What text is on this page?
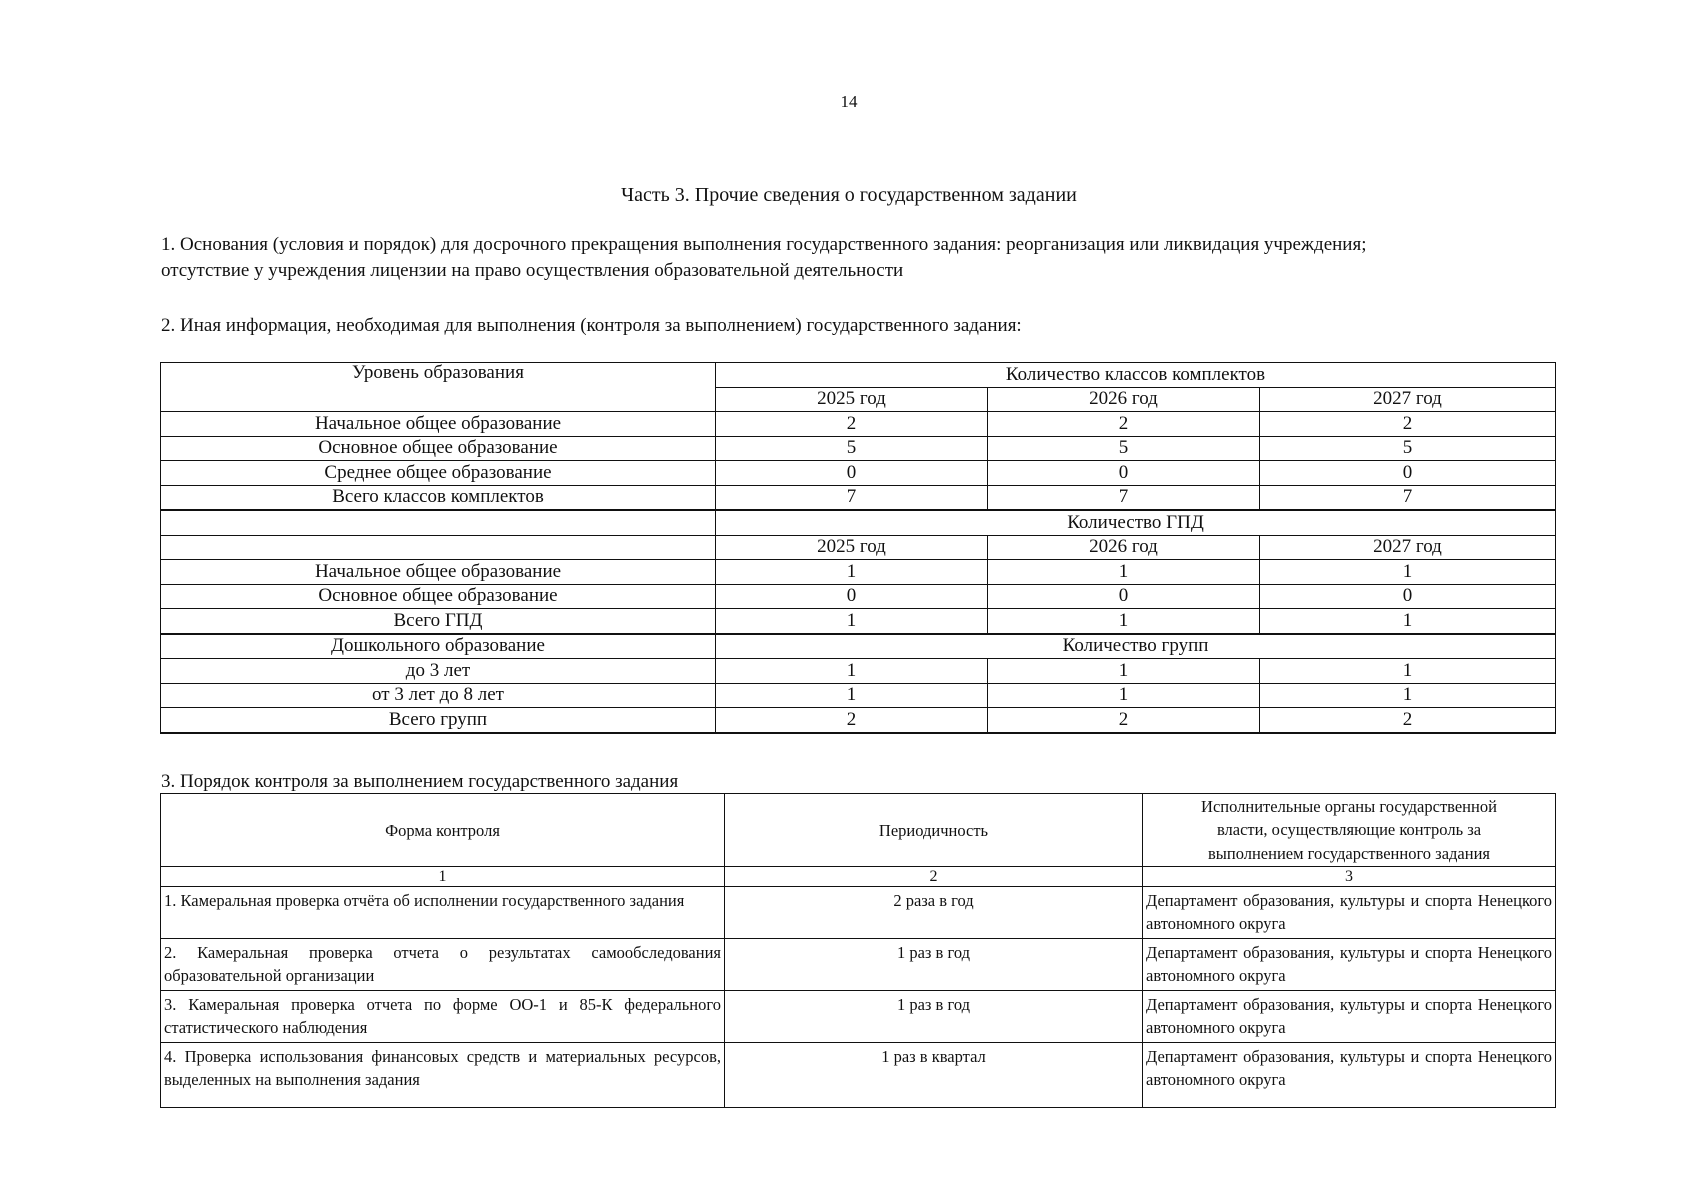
14
Часть 3. Прочие сведения о государственном задании
1. Основания (условия и порядок) для досрочного прекращения выполнения государственного задания: реорганизация или ликвидация учреждения;
отсутствие у учреждения лицензии на право осуществления образовательной деятельности
2. Иная информация, необходимая для выполнения (контроля за выполнением) государственного задания:
Уровень образования	Количество классов комплектов		
	2025 год	2026 год	2027 год
Начальное общее образование	2	2	2
Основное общее образование	5	5	5
Среднее общее образование	0	0	0
Всего классов комплектов	7	7	7
	Количество ГПД		
	2025 год	2026 год	2027 год
Начальное общее образование	1	1	1
Основное общее образование	0	0	0
Всего ГПД	1	1	1
Дошкольного образование	Количество групп		
до 3 лет	1	1	1
от 3 лет до 8 лет	1	1	1
Всего групп	2	2	2
3. Порядок контроля за выполнением государственного задания
Форма контроля	Периодичность	Исполнительные органы государственной
власти, осуществляющие контроль за
выполнением государственного задания

1	2	3
1. Камеральная проверка отчёта об исполнении государственного задания	2 раза в год	Департамент образования, культуры и спорта Ненецкого автономного округа
2. Камеральная проверка отчета о результатах самообследования образовательной организации	1 раз в год	Департамент образования, культуры и спорта Ненецкого автономного округа
3. Камеральная проверка отчета по форме ОО-1 и 85-К федерального статистического наблюдения	1 раз в год	Департамент образования, культуры и спорта Ненецкого автономного округа
4. Проверка использования финансовых средств и материальных ресурсов, выделенных на выполнения задания	1 раз в квартал	Департамент образования, культуры и спорта Ненецкого автономного округа
